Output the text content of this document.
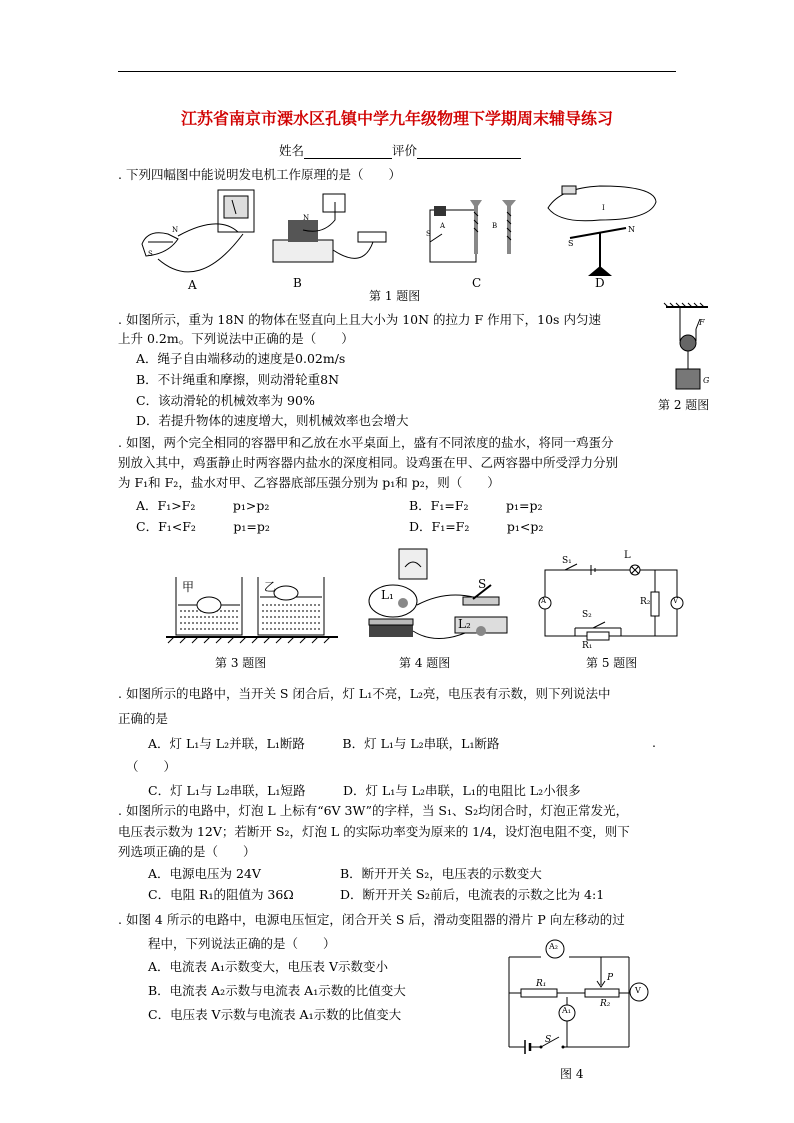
江苏省南京市溧水区孔镇中学九年级物理下学期周末辅导练习
姓名	评价
. 下列四幅图中能说明发电机工作原理的是（　　）
N
S
A
N
B
S
A	B
C
S
N
I
D
第 1 题图
. 如图所示，重为 18N 的物体在竖直向上且大小为 10N 的拉力 F 作用下，10s 内匀速
上升 0.2m。下列说法中正确的是（　　）
A．绳子自由端移动的速度是0.02m/s
B．不计绳重和摩擦，则动滑轮重8N
C．该动滑轮的机械效率为 90%
D．若提升物体的速度增大，则机械效率也会增大
F
G
第 2 题图
. 如图，两个完全相同的容器甲和乙放在水平桌面上，盛有不同浓度的盐水，将同一鸡蛋分
别放入其中，鸡蛋静止时两容器内盐水的深度相同。设鸡蛋在甲、乙两容器中所受浮力分别
为 F₁和 F₂，盐水对甲、乙容器底部压强分别为 p₁和 p₂，则（　　）
A．F₁>F₂　　　p₁>p₂	B．F₁=F₂　　　p₁=p₂
C．F₁<F₂　　　p₁=p₂	D．F₁=F₂　　　p₁<p₂
甲	乙
第 3 题图
L₁
L₂
S
第 4 题图
S₁	L
S₂
R₁
R₂
A	V
第 5 题图
. 如图所示的电路中，当开关 S 闭合后，灯 L₁不亮，L₂亮，电压表有示数，则下列说法中
正确的是
A．灯 L₁与 L₂并联，L₁断路　　　B．灯 L₁与 L₂串联，L₁断路	.
（　　）
C．灯 L₁与 L₂串联，L₁短路　　　D．灯 L₁与 L₂串联，L₁的电阻比 L₂小很多
. 如图所示的电路中，灯泡 L 上标有“6V 3W”的字样，当 S₁、S₂均闭合时，灯泡正常发光，
电压表示数为 12V；若断开 S₂，灯泡 L 的实际功率变为原来的 1/4，设灯泡电阻不变，则下
列选项正确的是（　　）
A．电源电压为 24V	B．断开开关 S₂，电压表的示数变大
C．电阻 R₁的阻值为 36Ω	D．断开开关 S₂前后，电流表的示数之比为 4:1
. 如图 4 所示的电路中，电源电压恒定，闭合开关 S 后，滑动变阻器的滑片 P 向左移动的过
程中，下列说法正确的是（　　）
A．电流表 A₁示数变大，电压表 V示数变小
B．电流表 A₂示数与电流表 A₁示数的比值变大
C．电压表 V示数与电流表 A₁示数的比值变大
A₂
R₁
P
R₂
A₁
V
S
图 4
